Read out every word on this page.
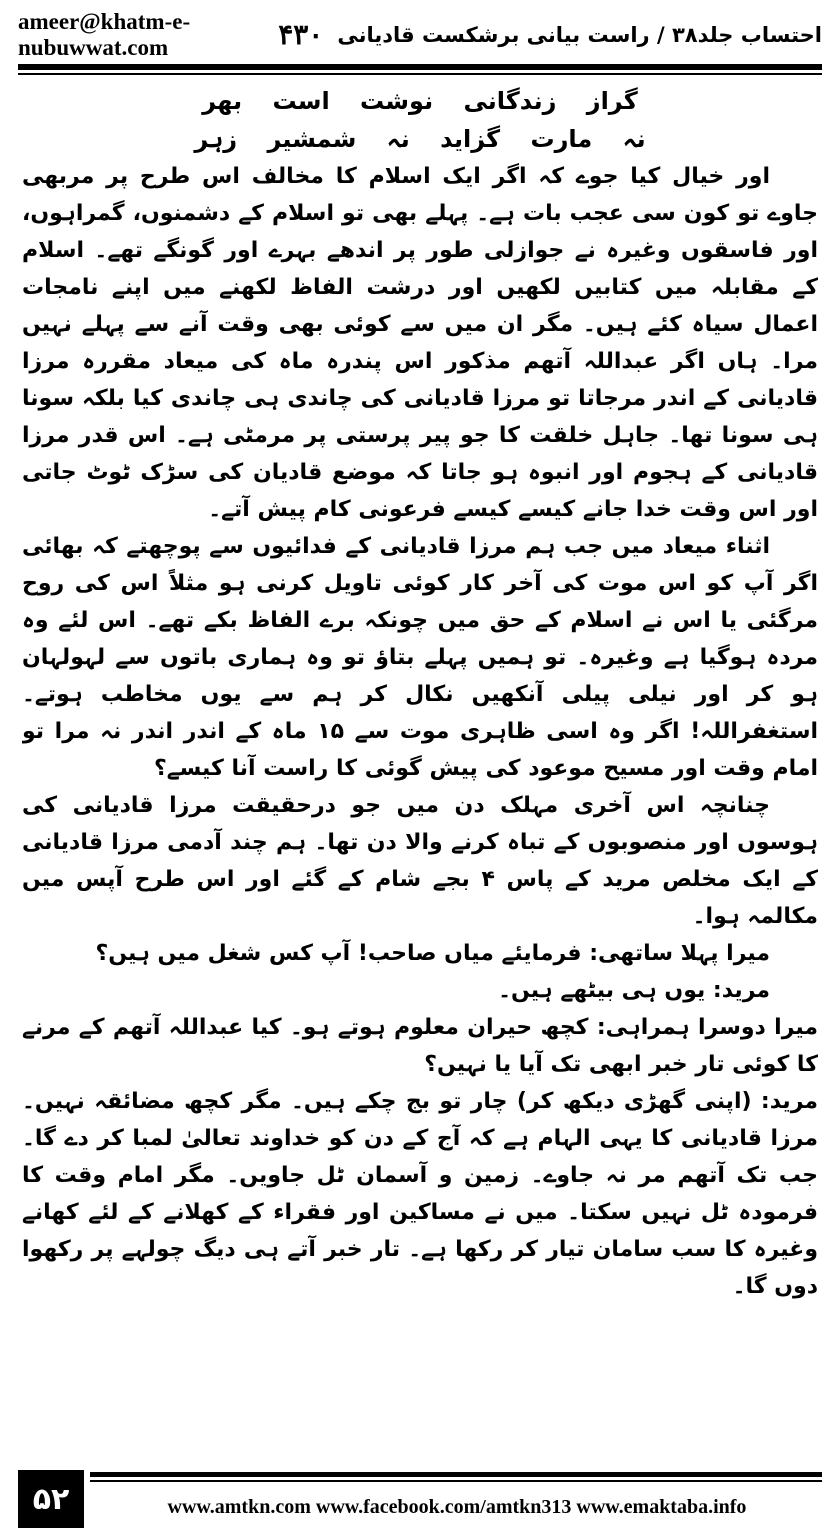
ameer@khatm-e-nubuwwat.com	احتساب جلد۳۸ / راست بیانی برشکست قادیانی
۴۳۰

گراز زندگانی نوشت است بهر

نہ مارت گزاید نہ شمشیر زہر

اور خیال کیا جوے کہ اگر ایک اسلام کا مخالف اس طرح پر مربھی جاوے تو کون سی عجب بات ہے۔ پہلے بھی تو اسلام کے دشمنوں، گمراہوں، اور فاسقوں وغیرہ نے جوازلی طور پر اندھے بہرے اور گونگے تھے۔ اسلام کے مقابلہ میں کتابیں لکھیں اور درشت الفاظ لکھنے میں اپنے نامجات اعمال سیاہ کئے ہیں۔ مگر ان میں سے کوئی بھی وقت آنے سے پہلے نہیں مرا۔ ہاں اگر عبداللہ آتھم مذکور اس پندرہ ماہ کی میعاد مقررہ مرزا قادیانی کے اندر مرجاتا تو مرزا قادیانی کی چاندی ہی چاندی کیا بلکہ سونا ہی سونا تھا۔ جاہل خلقت کا جو پیر پرستی پر مرمٹی ہے۔ اس قدر مرزا قادیانی کے ہجوم اور انبوہ ہو جاتا کہ موضع قادیان کی سڑک ٹوٹ جاتی اور اس وقت خدا جانے کیسے کیسے فرعونی کام پیش آتے۔

اثناء میعاد میں جب ہم مرزا قادیانی کے فدائیوں سے پوچھتے کہ بھائی اگر آپ کو اس موت کی آخر کار کوئی تاویل کرنی ہو مثلاً اس کی روح مرگئی یا اس نے اسلام کے حق میں چونکہ برے الفاظ بکے تھے۔ اس لئے وہ مردہ ہوگیا ہے وغیرہ۔ تو ہمیں پہلے بتاؤ تو وہ ہماری باتوں سے لہولہان ہو کر اور نیلی پیلی آنکھیں نکال کر ہم سے یوں مخاطب ہوتے۔ استغفراللہ! اگر وہ اسی ظاہری موت سے ۱۵ ماہ کے اندر اندر نہ مرا تو امام وقت اور مسیح موعود کی پیش گوئی کا راست آنا کیسے؟

چنانچہ اس آخری مہلک دن میں جو درحقیقت مرزا قادیانی کی ہوسوں اور منصوبوں کے تباہ کرنے والا دن تھا۔ ہم چند آدمی مرزا قادیانی کے ایک مخلص مرید کے پاس ۴ بجے شام کے گئے اور اس طرح آپس میں مکالمہ ہوا۔

میرا پہلا ساتھی: فرمایئے میاں صاحب! آپ کس شغل میں ہیں؟

مرید: یوں ہی بیٹھے ہیں۔

میرا دوسرا ہمراہی: کچھ حیران معلوم ہوتے ہو۔ کیا عبداللہ آتھم کے مرنے کا کوئی تار خبر ابھی تک آیا یا نہیں؟

مرید: (اپنی گھڑی دیکھ کر) چار تو بج چکے ہیں۔ مگر کچھ مضائقہ نہیں۔ مرزا قادیانی کا یہی الہام ہے کہ آج کے دن کو خداوند تعالیٰ لمبا کر دے گا۔ جب تک آتھم مر نہ جاوے۔ زمین و آسمان ٹل جاویں۔ مگر امام وقت کا فرمودہ ٹل نہیں سکتا۔ میں نے مساکین اور فقراء کے کھلانے کے لئے کھانے وغیرہ کا سب سامان تیار کر رکھا ہے۔ تار خبر آتے ہی دیگ چولہے پر رکھوا دوں گا۔

۵۲	www.amtkn.com www.facebook.com/amtkn313 www.emaktaba.info
